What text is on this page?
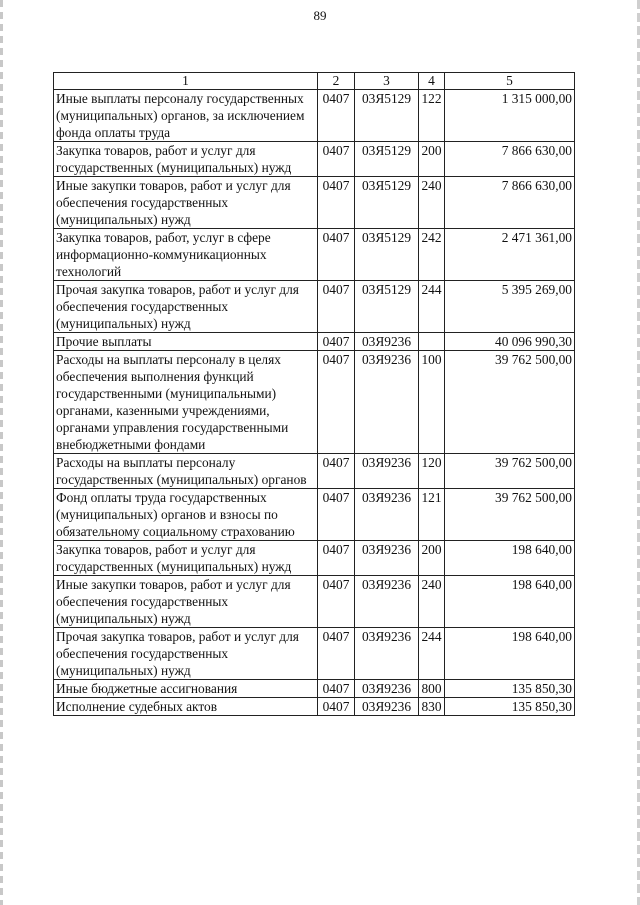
89
1	2	3	4	5
Иные выплаты персоналу государственных (муниципальных) органов, за исключением фонда оплаты труда	0407	03Я5129	122	1 315 000,00
Закупка товаров, работ и услуг для государственных (муниципальных) нужд	0407	03Я5129	200	7 866 630,00
Иные закупки товаров, работ и услуг для обеспечения государственных (муниципальных) нужд	0407	03Я5129	240	7 866 630,00
Закупка товаров, работ, услуг в сфере информационно-коммуникационных технологий	0407	03Я5129	242	2 471 361,00
Прочая закупка товаров, работ и услуг для обеспечения государственных (муниципальных) нужд	0407	03Я5129	244	5 395 269,00
Прочие выплаты	0407	03Я9236		40 096 990,30
Расходы на выплаты персоналу в целях обеспечения выполнения функций государственными (муниципальными) органами, казенными учреждениями, органами управления государственными внебюджетными фондами	0407	03Я9236	100	39 762 500,00
Расходы на выплаты персоналу государственных (муниципальных) органов	0407	03Я9236	120	39 762 500,00
Фонд оплаты труда государственных (муниципальных) органов и взносы по обязательному социальному страхованию	0407	03Я9236	121	39 762 500,00
Закупка товаров, работ и услуг для государственных (муниципальных) нужд	0407	03Я9236	200	198 640,00
Иные закупки товаров, работ и услуг для обеспечения государственных (муниципальных) нужд	0407	03Я9236	240	198 640,00
Прочая закупка товаров, работ и услуг для обеспечения государственных (муниципальных) нужд	0407	03Я9236	244	198 640,00
Иные бюджетные ассигнования	0407	03Я9236	800	135 850,30
Исполнение судебных актов	0407	03Я9236	830	135 850,30
